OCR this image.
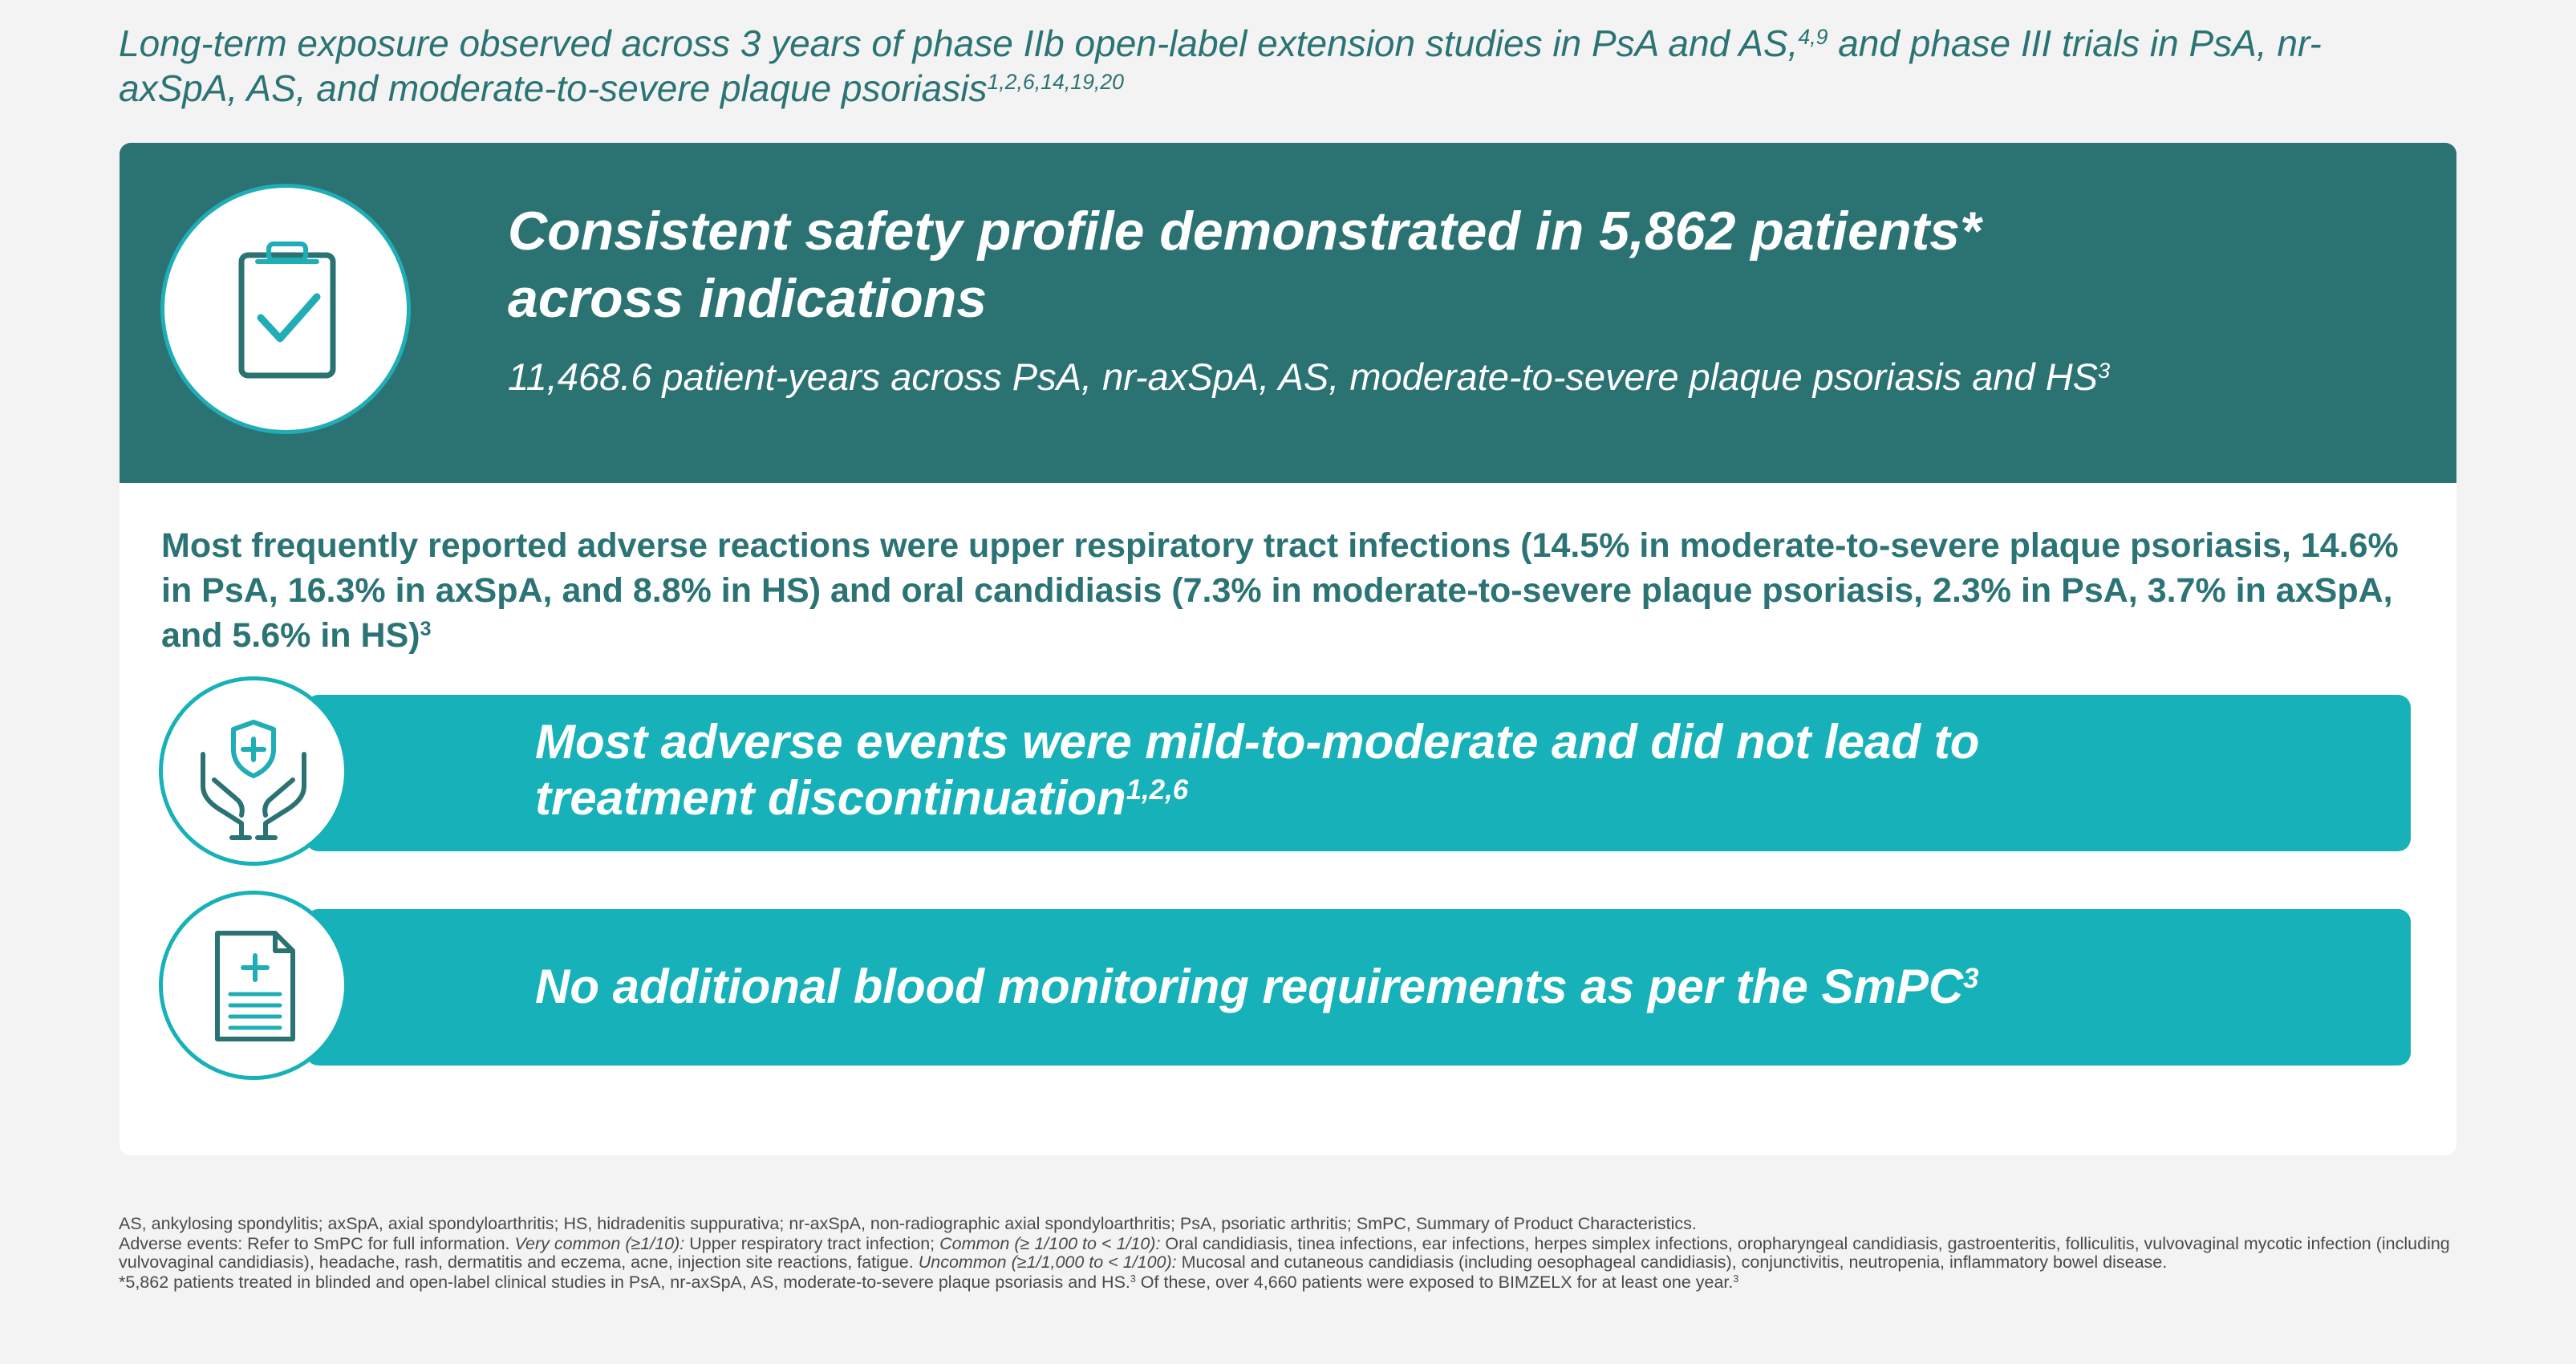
Long-term exposure observed across 3 years of phase IIb open-label extension studies in PsA and AS,$^{4,9}$ and phase III trials in PsA, nr-axSpA, AS, and moderate-to-severe plaque psoriasis$^{1,2,6,14,19,20}$
Consistent safety profile demonstrated in 5,862 patients*
across indications
11,468.6 patient-years across PsA, nr-axSpA, AS, moderate-to-severe plaque psoriasis and $HS^3$
Most frequently reported adverse reactions were upper respiratory tract infections (14.5% in moderate-to-severe plaque psoriasis, 14.6% in PsA, 16.3% in axSpA, and 8.8% in HS) and oral candidiasis (7.3% in moderate-to-severe plaque psoriasis, 2.3% in PsA, 3.7% in axSpA, and 5.6% in HS)$^3$
Most adverse events were mild-to-moderate and did not lead to
treatment discontinuation$^{1,2,6}$
No additional blood monitoring requirements as per the SmPC$^3$

AS, ankylosing spondylitis; axSpA, axial spondyloarthritis; HS, hidradenitis suppurativa; nr-axSpA, non-radiographic axial spondyloarthritis; PsA, psoriatic arthritis; SmPC, Summary of Product Characteristics.

Adverse events: Refer to SmPC for full information. Very common (≥1/10): Upper respiratory tract infection; Common (≥ 1/100 to < 1/10): Oral candidiasis, tinea infections, ear infections, herpes simplex infections, oropharyngeal candidiasis, gastroenteritis, folliculitis, vulvovaginal mycotic infection (including vulvovaginal candidiasis), headache, rash, dermatitis and eczema, acne, injection site reactions, fatigue. Uncommon (≥1/1,000 to < 1/100): Mucosal and cutaneous candidiasis (including oesophageal candidiasis), conjunctivitis, neutropenia, inflammatory bowel disease.

*5,862 patients treated in blinded and open-label clinical studies in PsA, nr-axSpA, AS, moderate-to-severe plaque psoriasis and HS.$^3$ Of these, over 4,660 patients were exposed to BIMZELX for at least one year.$^3$
